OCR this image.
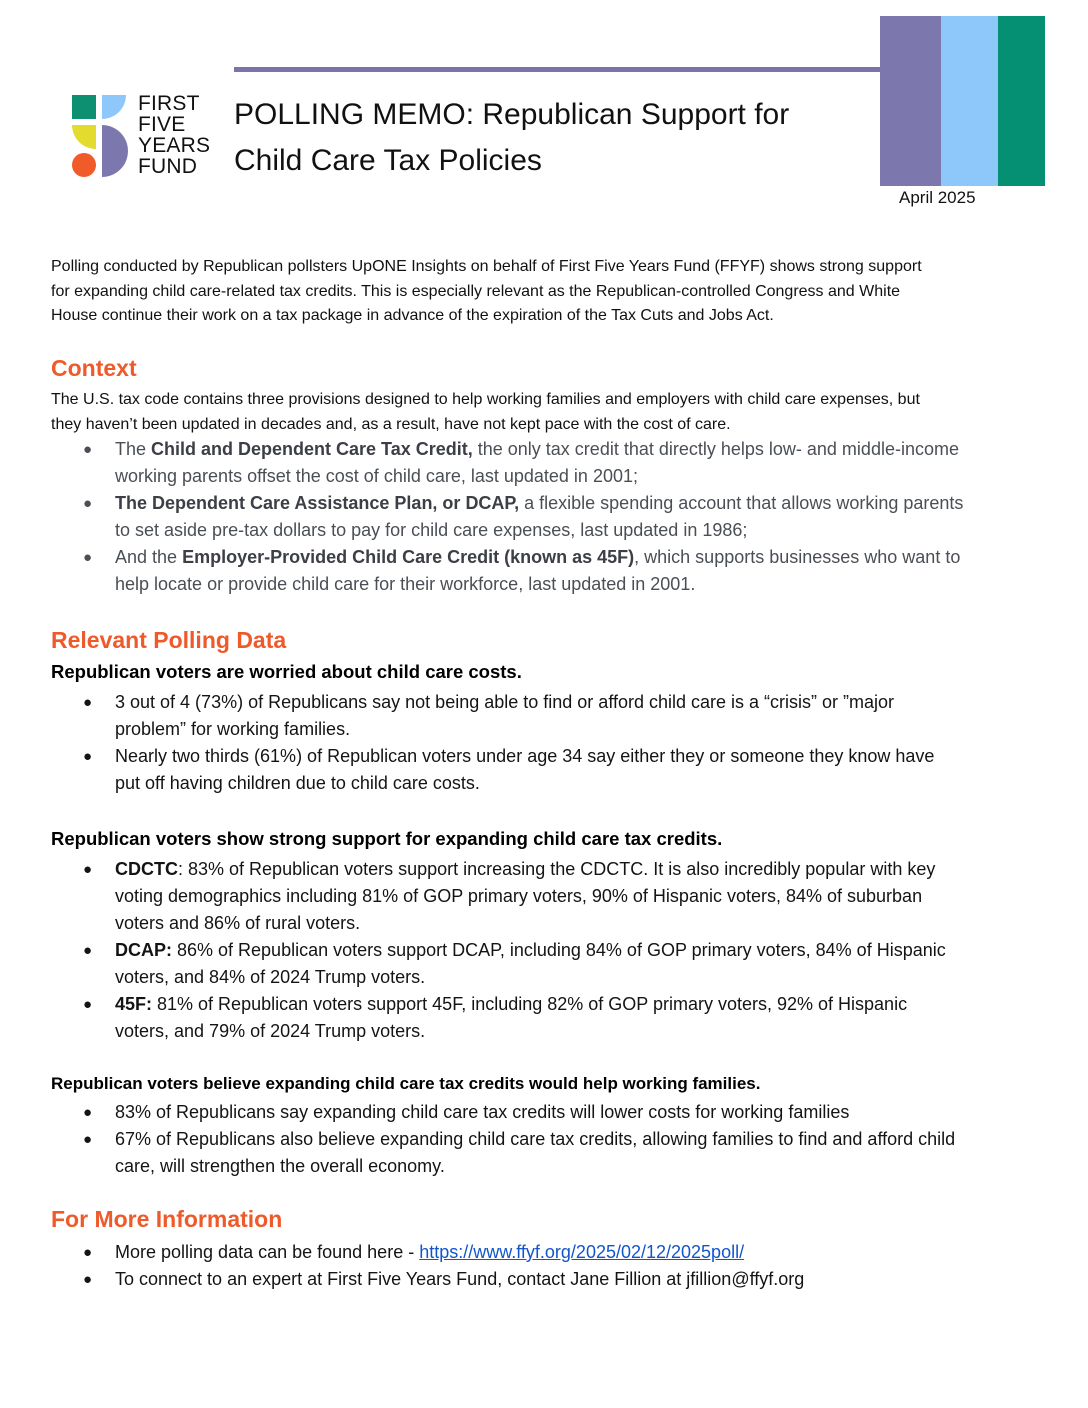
April 2025
FIRST
FIVE
YEARS
FUND
POLLING MEMO: Republican Support for
Child Care Tax Policies
Polling conducted by Republican pollsters UpONE Insights on behalf of First Five Years Fund (FFYF) shows strong support
for expanding child care-related tax credits. This is especially relevant as the Republican-controlled Congress and White
House continue their work on a tax package in advance of the expiration of the Tax Cuts and Jobs Act.
Context
The U.S. tax code contains three provisions designed to help working families and employers with child care expenses, but
they haven’t been updated in decades and, as a result, have not kept pace with the cost of care.
● The Child and Dependent Care Tax Credit, the only tax credit that directly helps low- and middle-income
working parents offset the cost of child care, last updated in 2001;
● The Dependent Care Assistance Plan, or DCAP, a flexible spending account that allows working parents
to set aside pre-tax dollars to pay for child care expenses, last updated in 1986;
● And the Employer-Provided Child Care Credit (known as 45F), which supports businesses who want to
help locate or provide child care for their workforce, last updated in 2001.
Relevant Polling Data
Republican voters are worried about child care costs.
● 3 out of 4 (73%) of Republicans say not being able to find or afford child care is a “crisis” or ”major
problem” for working families.
● Nearly two thirds (61%) of Republican voters under age 34 say either they or someone they know have
put off having children due to child care costs.
Republican voters show strong support for expanding child care tax credits.
● CDCTC: 83% of Republican voters support increasing the CDCTC. It is also incredibly popular with key
voting demographics including 81% of GOP primary voters, 90% of Hispanic voters, 84% of suburban
voters and 86% of rural voters.
● DCAP: 86% of Republican voters support DCAP, including 84% of GOP primary voters, 84% of Hispanic
voters, and 84% of 2024 Trump voters.
● 45F: 81% of Republican voters support 45F, including 82% of GOP primary voters, 92% of Hispanic
voters, and 79% of 2024 Trump voters.
Republican voters believe expanding child care tax credits would help working families.
● 83% of Republicans say expanding child care tax credits will lower costs for working families
● 67% of Republicans also believe expanding child care tax credits, allowing families to find and afford child
care, will strengthen the overall economy.
For More Information
● More polling data can be found here - https://www.ffyf.org/2025/02/12/2025poll/
● To connect to an expert at First Five Years Fund, contact Jane Fillion at jfillion@ffyf.org
